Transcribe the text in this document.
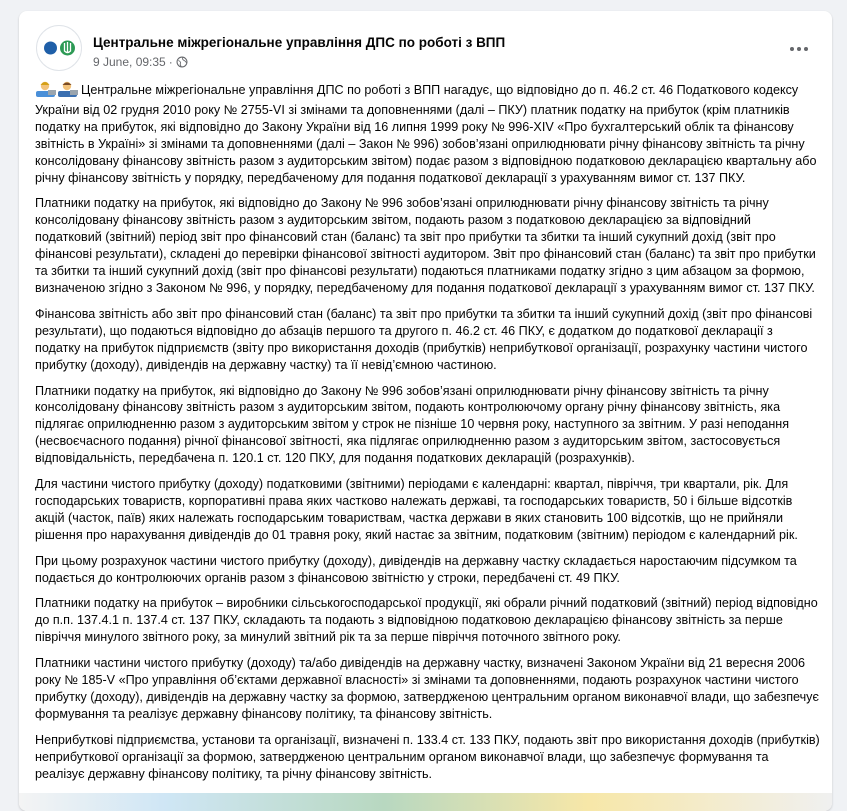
Центральне міжрегіональне управління ДПС по роботі з ВПП
9 June, 09:35 ·

Центральне міжрегіональне управління ДПС по роботі з ВПП нагадує, що відповідно до п. 46.2 ст. 46 Податкового кодексу України від 02 грудня 2010 року № 2755-VI зі змінами та доповненнями (далі – ПКУ) платник податку на прибуток (крім платників податку на прибуток, які відповідно до Закону України від 16 липня 1999 року № 996-XIV «Про бухгалтерський облік та фінансову звітність в Україні» зі змінами та доповненнями (далі – Закон № 996) зобов’язані оприлюднювати річну фінансову звітність та річну консолідовану фінансову звітність разом з аудиторським звітом) подає разом з відповідною податковою декларацією квартальну або річну фінансову звітність у порядку, передбаченому для подання податкової декларації з урахуванням вимог ст. 137 ПКУ.

Платники податку на прибуток, які відповідно до Закону № 996 зобов’язані оприлюднювати річну фінансову звітність та річну консолідовану фінансову звітність разом з аудиторським звітом, подають разом з податковою декларацією за відповідний податковий (звітний) період звіт про фінансовий стан (баланс) та звіт про прибутки та збитки та інший сукупний дохід (звіт про фінансові результати), складені до перевірки фінансової звітності аудитором. Звіт про фінансовий стан (баланс) та звіт про прибутки та збитки та інший сукупний дохід (звіт про фінансові результати) подаються платниками податку згідно з цим абзацом за формою, визначеною згідно з Законом № 996, у порядку, передбаченому для подання податкової декларації з урахуванням вимог ст. 137 ПКУ.

Фінансова звітність або звіт про фінансовий стан (баланс) та звіт про прибутки та збитки та інший сукупний дохід (звіт про фінансові результати), що подаються відповідно до абзаців першого та другого п. 46.2 ст. 46 ПКУ, є додатком до податкової декларації з податку на прибуток підприємств (звіту про використання доходів (прибутків) неприбуткової організації, розрахунку частини чистого прибутку (доходу), дивідендів на державну частку) та її невід’ємною частиною.

Платники податку на прибуток, які відповідно до Закону № 996 зобов’язані оприлюднювати річну фінансову звітність та річну консолідовану фінансову звітність разом з аудиторським звітом, подають контролюючому органу річну фінансову звітність, яка підлягає оприлюдненню разом з аудиторським звітом у строк не пізніше 10 червня року, наступного за звітним. У разі неподання (несвоєчасного подання) річної фінансової звітності, яка підлягає оприлюдненню разом з аудиторським звітом, застосовується відповідальність, передбачена п. 120.1 ст. 120 ПКУ, для подання податкових декларацій (розрахунків).

Для частини чистого прибутку (доходу) податковими (звітними) періодами є календарні: квартал, півріччя, три квартали, рік. Для господарських товариств, корпоративні права яких частково належать державі, та господарських товариств, 50 і більше відсотків акцій (часток, паїв) яких належать господарським товариствам, частка держави в яких становить 100 відсотків, що не прийняли рішення про нарахування дивідендів до 01 травня року, який настає за звітним, податковим (звітним) періодом є календарний рік.

При цьому розрахунок частини чистого прибутку (доходу), дивідендів на державну частку складається наростаючим підсумком та подається до контролюючих органів разом з фінансовою звітністю у строки, передбачені ст. 49 ПКУ.

Платники податку на прибуток – виробники сільськогосподарської продукції, які обрали річний податковий (звітний) період відповідно до п.п. 137.4.1 п. 137.4 ст. 137 ПКУ, складають та подають з відповідною податковою декларацією фінансову звітність за перше півріччя минулого звітного року, за минулий звітний рік та за перше півріччя поточного звітного року.

Платники частини чистого прибутку (доходу) та/або дивідендів на державну частку, визначені Законом України від 21 вересня 2006 року № 185-V «Про управління об’єктами державної власності» зі змінами та доповненнями, подають розрахунок частини чистого прибутку (доходу), дивідендів на державну частку за формою, затвердженою центральним органом виконавчої влади, що забезпечує формування та реалізує державну фінансову політику, та фінансову звітність.

Неприбуткові підприємства, установи та організації, визначені п. 133.4 ст. 133 ПКУ, подають звіт про використання доходів (прибутків) неприбуткової організації за формою, затвердженою центральним органом виконавчої влади, що забезпечує формування та реалізує державну фінансову політику, та річну фінансову звітність.
